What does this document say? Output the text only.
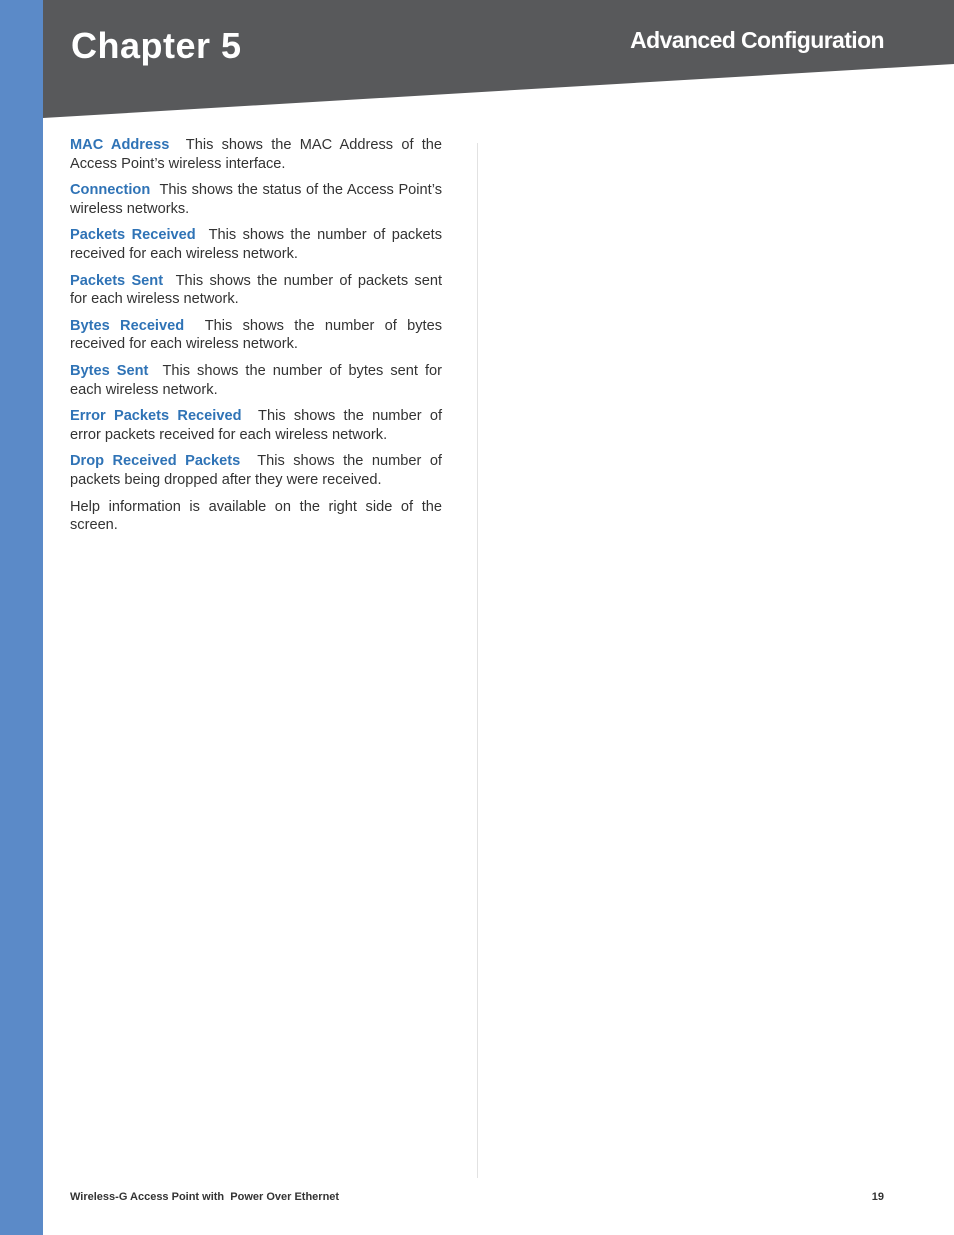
Chapter 5	Advanced Configuration

MAC Address This shows the MAC Address of the Access Point’s wireless interface.

Connection This shows the status of the Access Point’s wireless networks.

Packets Received This shows the number of packets received for each wireless network.

Packets Sent This shows the number of packets sent for each wireless network.

Bytes Received This shows the number of bytes received for each wireless network.

Bytes Sent This shows the number of bytes sent for each wireless network.

Error Packets Received This shows the number of error packets received for each wireless network.

Drop Received Packets This shows the number of packets being dropped after they were received.

Help information is available on the right side of the screen.

Wireless-G Access Point with  Power Over Ethernet	19
